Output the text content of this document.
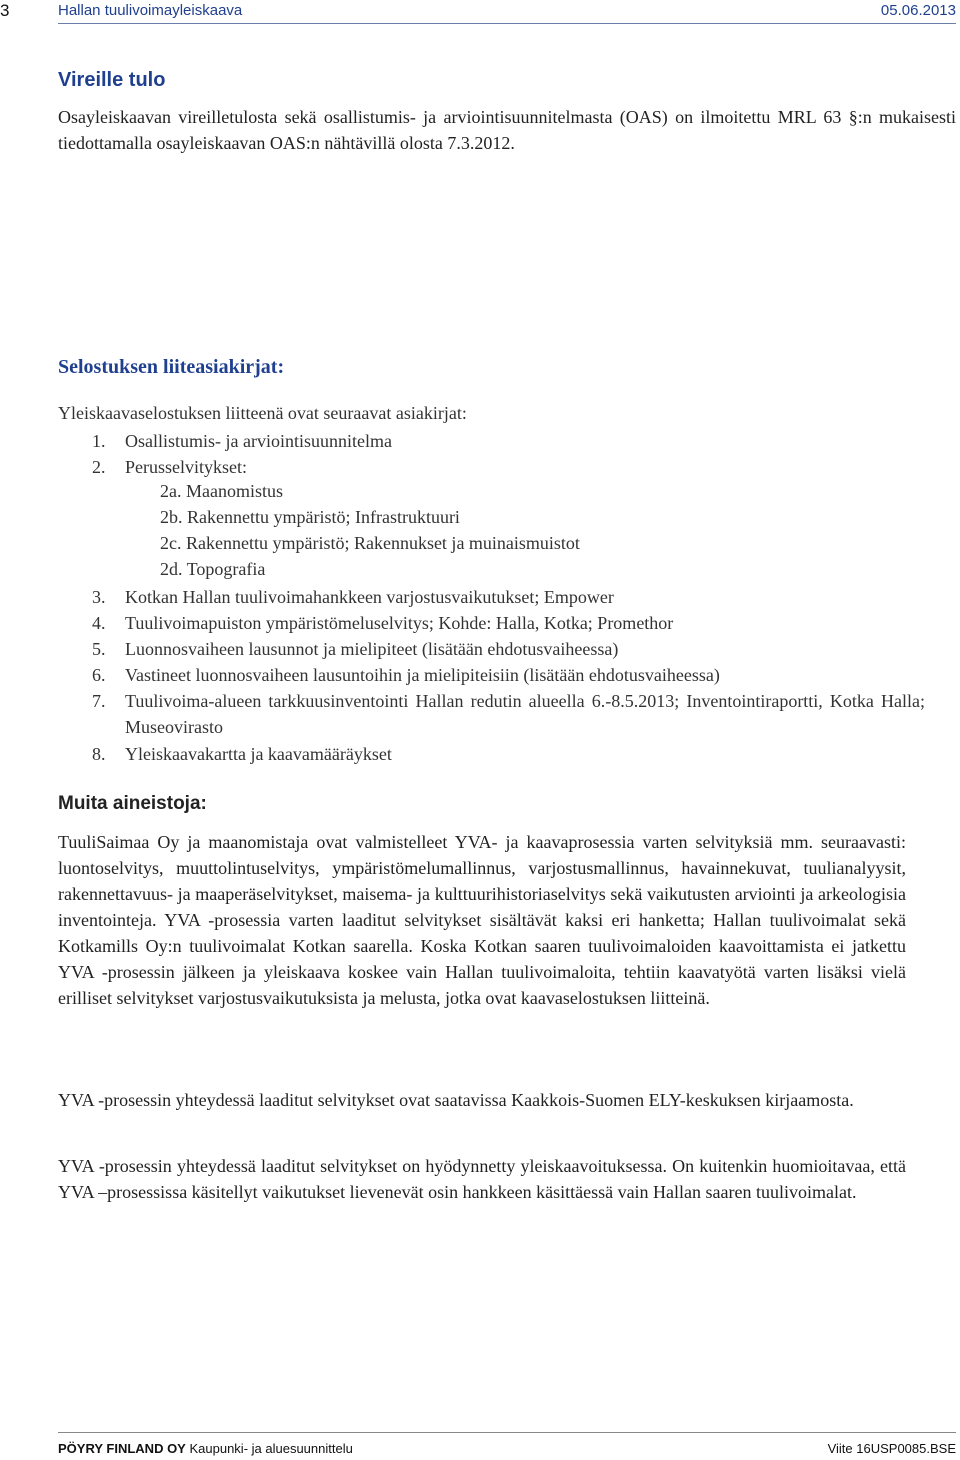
3	Hallan tuulivoimayleiskaava	05.06.2013
Vireille tulo
Osayleiskaavan vireilletulosta sekä osallistumis- ja arviointisuunnitelmasta (OAS) on ilmoitettu MRL 63 §:n mukaisesti tiedottamalla osayleiskaavan OAS:n nähtävillä olosta 7.3.2012.
Selostuksen liiteasiakirjat:
Yleiskaavaselostuksen liitteenä ovat seuraavat asiakirjat:
1. Osallistumis- ja arviointisuunnitelma
2. Perusselvitykset:
2a. Maanomistus
2b. Rakennettu ympäristö; Infrastruktuuri
2c. Rakennettu ympäristö; Rakennukset ja muinaismuistot
2d. Topografia
3. Kotkan Hallan tuulivoimahankkeen varjostusvaikutukset; Empower
4. Tuulivoimapuiston ympäristömeluselvitys; Kohde: Halla, Kotka; Promethor
5. Luonnosvaiheen lausunnot ja mielipiteet (lisätään ehdotusvaiheessa)
6. Vastineet luonnosvaiheen lausuntoihin ja mielipiteisiin (lisätään ehdotusvaiheessa)
7. Tuulivoima-alueen tarkkuusinventointi Hallan redutin alueella 6.-8.5.2013; Inventointiraportti, Kotka Halla; Museovirasto
8. Yleiskaavakartta ja kaavamääräykset
Muita aineistoja:
TuuliSaimaa Oy ja maanomistaja ovat valmistelleet YVA- ja kaavaprosessia varten selvityksiä mm. seuraavasti: luontoselvitys, muuttolintuselvitys, ympäristömelumallinnus, varjostusmallinnus, havainnekuvat, tuulianalyysit, rakennettavuus- ja maaperäselvitykset, maisema- ja kulttuurihistoriaselvitys sekä vaikutusten arviointi ja arkeologisia inventointeja. YVA -prosessia varten laaditut selvitykset sisältävät kaksi eri hanketta; Hallan tuulivoimalat sekä Kotkamills Oy:n tuulivoimalat Kotkan saarella. Koska Kotkan saaren tuulivoimaloiden kaavoittamista ei jatkettu YVA -prosessin jälkeen ja yleiskaava koskee vain Hallan tuulivoimaloita, tehtiin kaavatyötä varten lisäksi vielä erilliset selvitykset varjostusvaikutuksista ja melusta, jotka ovat kaavaselostuksen liitteinä.
YVA -prosessin yhteydessä laaditut selvitykset ovat saatavissa Kaakkois-Suomen ELY-keskuksen kirjaamosta.
YVA -prosessin yhteydessä laaditut selvitykset on hyödynnetty yleiskaavoituksessa. On kuitenkin huomioitavaa, että YVA –prosessissa käsitellyt vaikutukset lievenevät osin hankkeen käsittäessä vain Hallan saaren tuulivoimalat.
PÖYRY FINLAND OY Kaupunki- ja aluesuunnittelu	Viite 16USP0085.BSE
